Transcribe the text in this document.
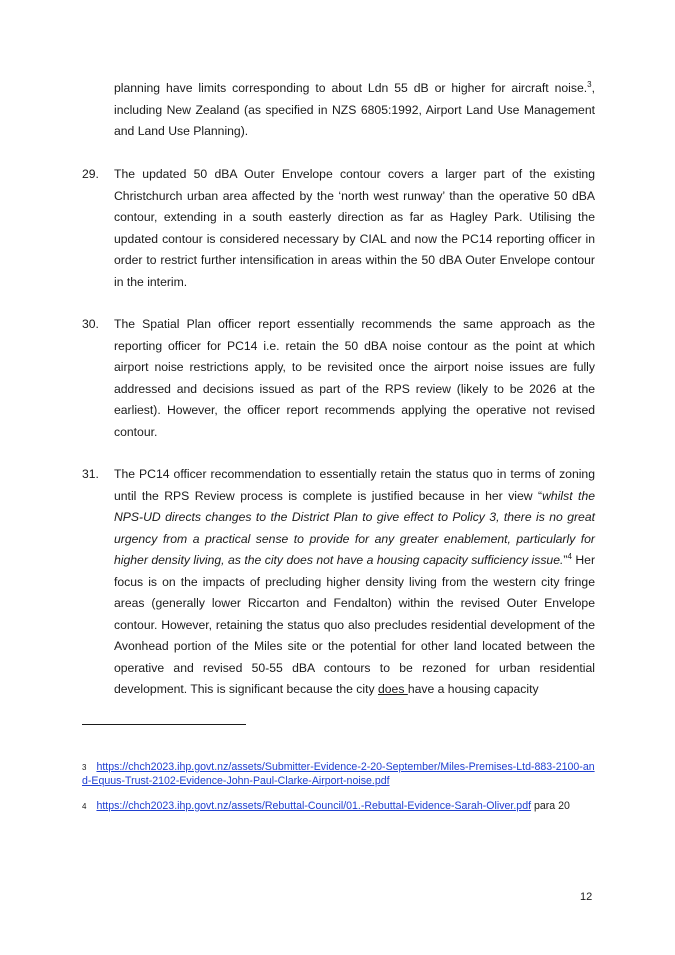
planning have limits corresponding to about Ldn 55 dB or higher for aircraft noise.$^3$, including New Zealand (as specified in NZS 6805:1992, Airport Land Use Management and Land Use Planning).
29. The updated 50 dBA Outer Envelope contour covers a larger part of the existing Christchurch urban area affected by the ‘north west runway’ than the operative 50 dBA contour, extending in a south easterly direction as far as Hagley Park. Utilising the updated contour is considered necessary by CIAL and now the PC14 reporting officer in order to restrict further intensification in areas within the 50 dBA Outer Envelope contour in the interim.
30. The Spatial Plan officer report essentially recommends the same approach as the reporting officer for PC14 i.e. retain the 50 dBA noise contour as the point at which airport noise restrictions apply, to be revisited once the airport noise issues are fully addressed and decisions issued as part of the RPS review (likely to be 2026 at the earliest). However, the officer report recommends applying the operative not revised contour.
31. The PC14 officer recommendation to essentially retain the status quo in terms of zoning until the RPS Review process is complete is justified because in her view “whilst the NPS-UD directs changes to the District Plan to give effect to Policy 3, there is no great urgency from a practical sense to provide for any greater enablement, particularly for higher density living, as the city does not have a housing capacity sufficiency issue.”$^4$ Her focus is on the impacts of precluding higher density living from the western city fringe areas (generally lower Riccarton and Fendalton) within the revised Outer Envelope contour. However, retaining the status quo also precludes residential development of the Avonhead portion of the Miles site or the potential for other land located between the operative and revised 50-55 dBA contours to be rezoned for urban residential development. This is significant because the city does have a housing capacity
$^3$ https://chch2023.ihp.govt.nz/assets/Submitter-Evidence-2-20-September/Miles-Premises-Ltd-883-2100-and-Equus-Trust-2102-Evidence-John-Paul-Clarke-Airport-noise.pdf
$^4$ https://chch2023.ihp.govt.nz/assets/Rebuttal-Council/01.-Rebuttal-Evidence-Sarah-Oliver.pdf para 20
12
